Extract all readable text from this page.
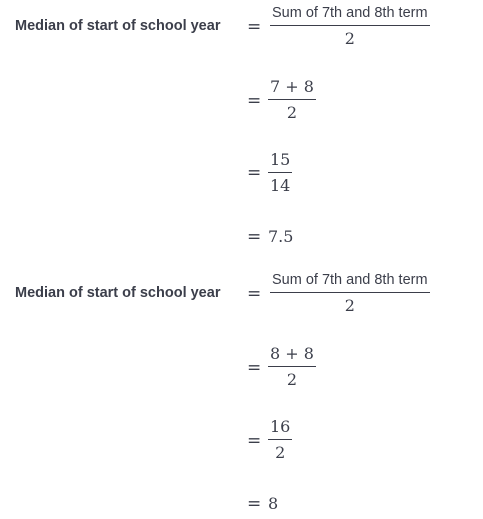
Median of start of school year =
Sum of 7th and 8th term
2
=
7 + 8
2
=
15
14
= 7.5
Median of start of school year =
Sum of 7th and 8th term
2
=
8 + 8
2
=
16
2
= 8
